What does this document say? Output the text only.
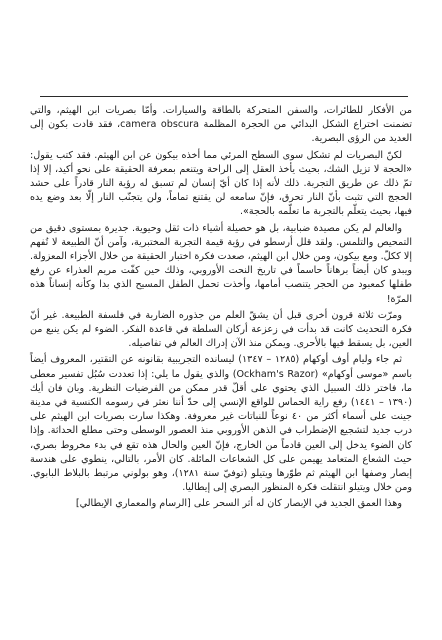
من الأفكار للطائرات، والسفن المتحركة بالطاقة والسيارات. وأمّا بصريات ابن الهيثم، والتي تضمنت اختراع الشكل البدائي من الحجرة المظلمة camera obscura، فقد قادت بكون إلى العديد من الرؤى البصرية.

لكنّ البصريات لم تشكل سوى السطح المرئي مما أخذه بيكون عن ابن الهيثم. فقد كتب يقول: «الحجة لا تزيل الشك، بحيث يأخذ العقل إلى الراحة ويتنعم بمعرفة الحقيقة على نحو أكيد، إلا إذا تمّ ذلك عن طريق التجربة. ذلك لأنه إذا كان أيّ إنسان لم تسبق له رؤية النار قادراً على حشد الحجج التي تثبت بأنّ النار تحرق، فإنّ سامعه لن يقتنع تماماً، ولن يتجنّب النار إلّا بعد وضع يده فيها، بحيث يتعلّم بالتجربة ما تعلّمه بالحجة».

والعالم لم يكن مصيدة ضبابية، بل هو حصيلة أشياء ذات ثقل وحيوية. جديرة بمستوى دقيق من التمحيص والتلمس. ولقد قلل أرسطو في رؤية قيمة التجربة المختبرية، وآمن أنّ الطبيعة لا تُفهم إلا ككلّ. ومع بيكون، ومن خلال ابن الهيثم، صعدت فكرة اختبار الحقيقة من خلال الأجزاء المعزولة. ويبدو كان أيضاً برهاناً حاسماً في تاريخ النحت الأوروبي، وذلك حين كفّت مريم العذراء عن رفع طفلها كمعبود من الحجر يتنصب أمامها، وأخذت تحمل الطفل المسيح الذي بدا وكأنه إنساناً هذه المرّة!

ومرّت ثلاثة قرون أخرى قبل أن يشقّ العلم من جذوره الضاربة في فلسفة الطبيعة. غير أنّ فكرة التحديث كانت قد بدأت في زعزعة أركان السلطة في قاعدة الفكر. الضوء لم يكن ينبع من العين، بل يسقط فيها بالأحرى. ويمكن منذ الآن إدراك العالم في تفاصيله.

ثم جاء وليام أوف أوكهام (١٢٨٥ – ١٣٤٧) ليسانده التجريبية بقانونه عن التقتير، المعروف أيضاً باسم «موسى أوكهام» (Ockham's Razor) والذي يقول ما يلي: إذا تعددت سُبُل تفسير معطى ما، فاختر ذلك السبيل الذي يحتوي على أقلّ قدر ممكن من الفرضيات النظرية. وبان فان أيك (١٣٩٠ – ١٤٤١) رفع راية الحماس للواقع الإنسي إلى حدّ أننا نعثر في رسومه الكنسية في مدينة جينت على أسماء أكثر من ٤٠ نوعاً للنباتات غير معروفة. وهكذا سارت بصريات ابن الهيثم على درب جديد لتشجيع الإضطراب في الذهن الأوروبي منذ العصور الوسطى وحتى مطلع الحداثة. وإذا كان الضوء يدخل إلى العين قادماً من الخارج، فإنّ العين والحال هذه تقع في بدء مخروط بصري، حيث الشعاع المتعامد يهيمن على كل الشعاعات المائلة. كان الأمر، بالتالي، ينطوي على هندسة إبصار وصفها ابن الهيثم ثم طوّرها ويتيلو (توفيّ سنة ١٢٨١)، وهو بولوني مرتبط بالبلاط البابوي. ومن خلال ويتيلو انتقلت فكرة المنظور البصري إلى إيطاليا.

وهذا العمق الجديد في الإبصار كان له أثر السحر على [الرسام والمعماري الإيطالي]
